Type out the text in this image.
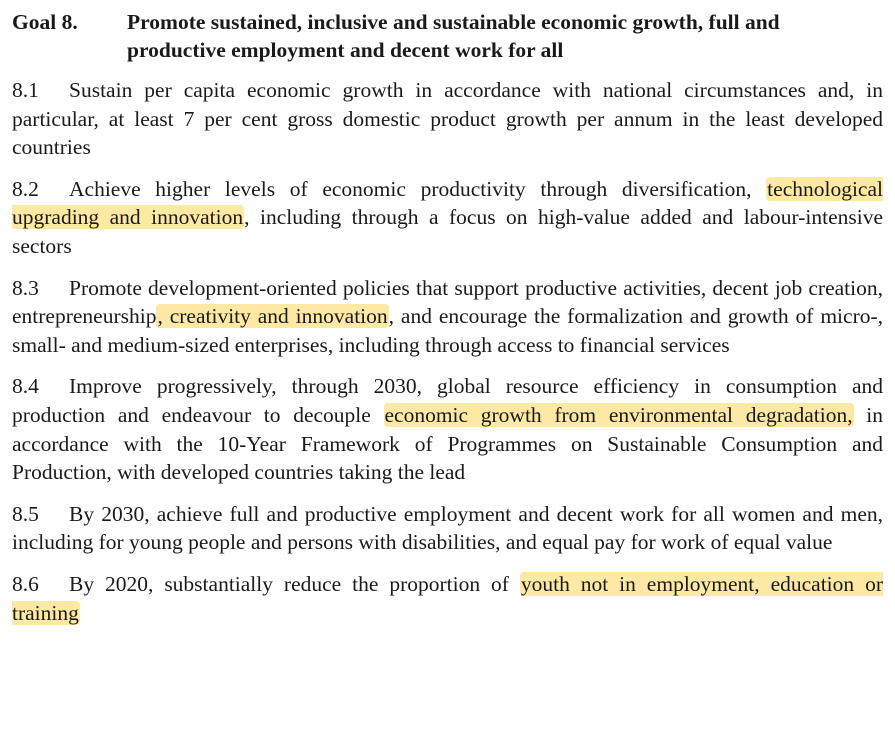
Goal 8.	Promote sustained, inclusive and sustainable economic growth, full and productive employment and decent work for all

8.1 Sustain per capita economic growth in accordance with national circumstances and, in particular, at least 7 per cent gross domestic product growth per annum in the least developed countries

8.2 Achieve higher levels of economic productivity through diversification, technological upgrading and innovation, including through a focus on high-value added and labour-intensive sectors

8.3 Promote development-oriented policies that support productive activities, decent job creation, entrepreneurship, creativity and innovation, and encourage the formalization and growth of micro-, small- and medium-sized enterprises, including through access to financial services

8.4 Improve progressively, through 2030, global resource efficiency in consumption and production and endeavour to decouple economic growth from environmental degradation, in accordance with the 10-Year Framework of Programmes on Sustainable Consumption and Production, with developed countries taking the lead

8.5 By 2030, achieve full and productive employment and decent work for all women and men, including for young people and persons with disabilities, and equal pay for work of equal value

8.6 By 2020, substantially reduce the proportion of youth not in employment, education or training
